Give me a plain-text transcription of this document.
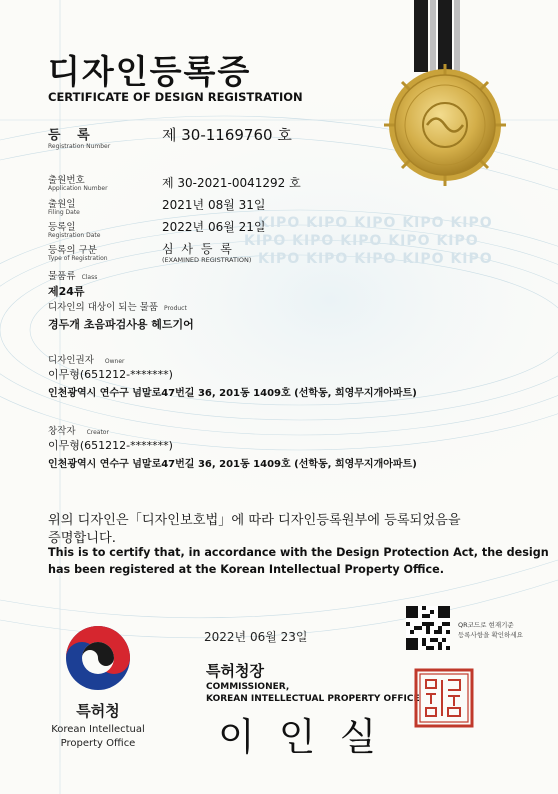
KIPO KIPO KIPO KIPO KIPO
KIPO KIPO KIPO KIPO KIPO
KIPO KIPO KIPO KIPO KIPO
디자인등록증
CERTIFICATE OF DESIGN REGISTRATION
등 록
Registration Number
제 30-1169760 호
출원번호
Application Number	제 30-2021-0041292 호
출원일
Filing Date
2021년 08월 31일
등록일
Registration Date
2022년 06월 21일
등록의 구분
Type of Registration
심 사 등 록
(EXAMINED REGISTRATION)
물품류 Class
제24류
디자인의 대상이 되는 물품 Product
경두개 초음파검사용 헤드기어
디자인권자 Owner
이무형(651212-*******)
인천광역시 연수구 넘말로47번길 36, 201동 1409호 (선학동, 희영무지개아파트)
창작자 Creator
이무형(651212-*******)
인천광역시 연수구 넘말로47번길 36, 201동 1409호 (선학동, 희영무지개아파트)
위의 디자인은「디자인보호법」에 따라 디자인등록원부에 등록되었음을
증명합니다.
This is to certify that, in accordance with the Design Protection Act, the design
has been registered at the Korean Intellectual Property Office.
특허청
Korean Intellectual
Property Office
2022년 06월 23일
특허청장
COMMISSIONER,
KOREAN INTELLECTUAL PROPERTY OFFICE
이 인 실
QR코드로 현재기준
등록사항을 확인하세요
